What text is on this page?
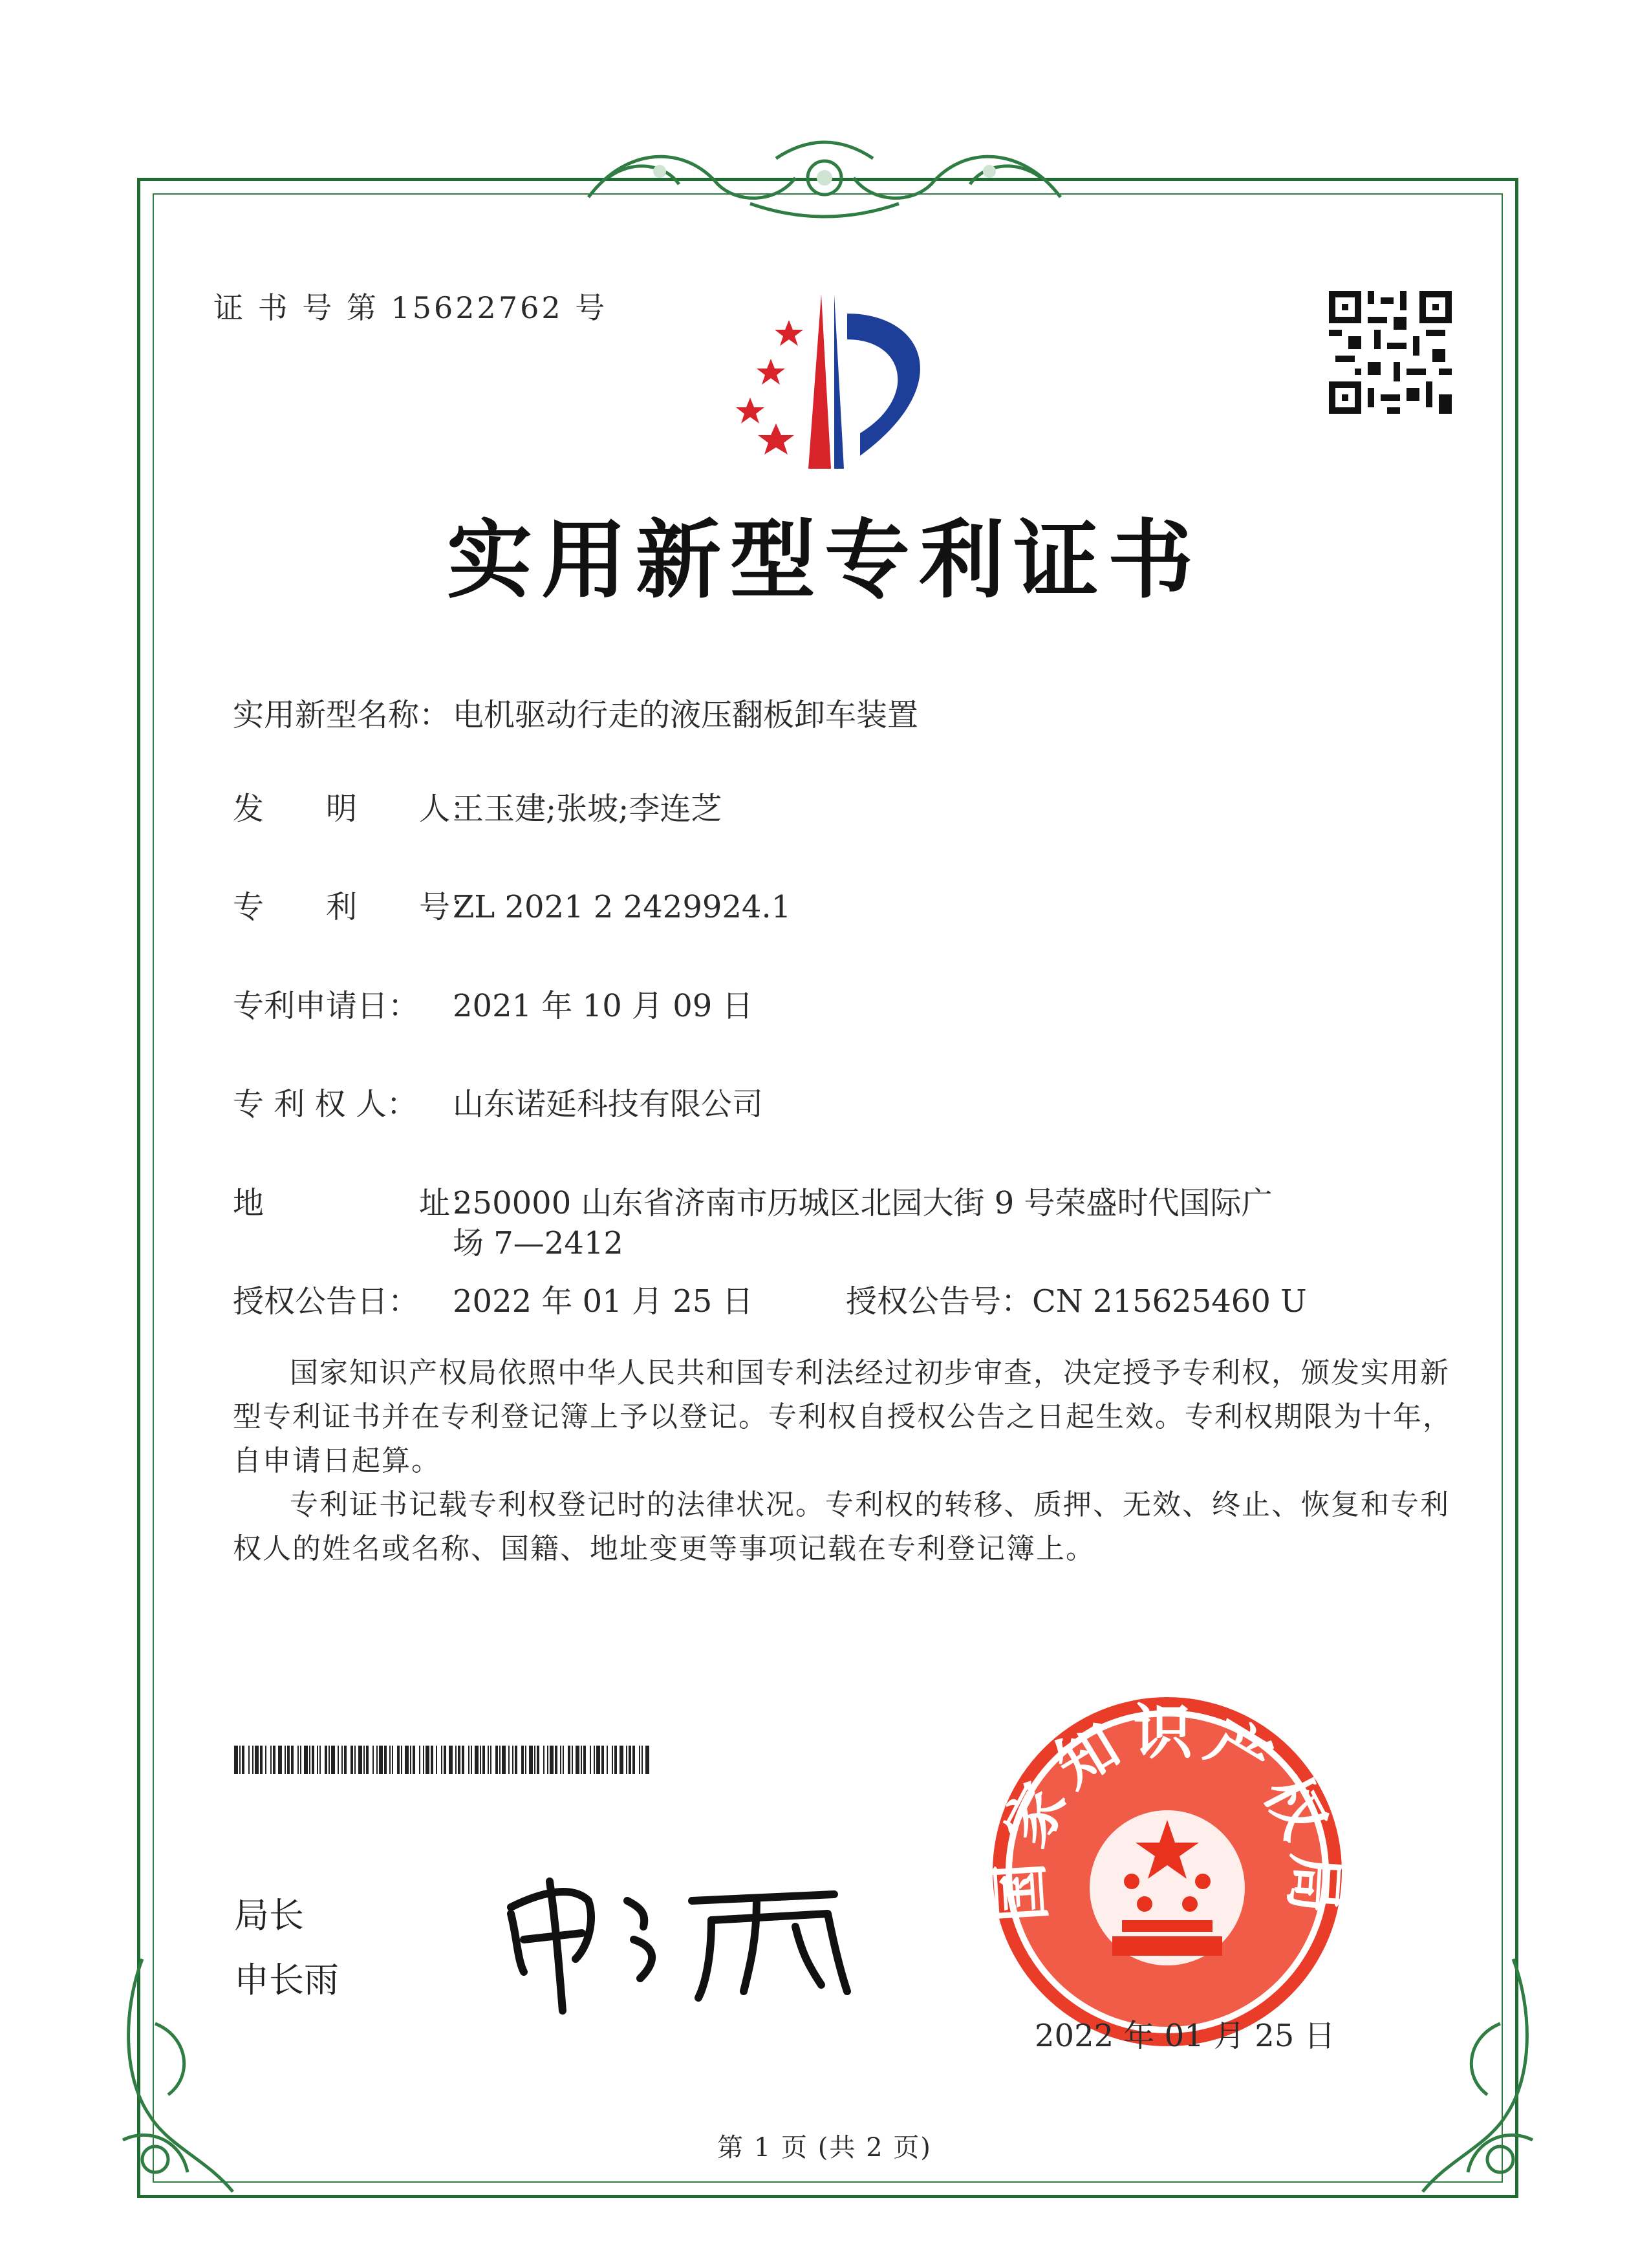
证 书 号 第 15622762 号
实用新型专利证书
实用新型名称：电机驱动行走的液压翻板卸车装置
发　　明　　人：王玉建;张坡;李连芝
专　　利　　号：ZL 2021 2 2429924.1
专利申请日： 2021 年 10 月 09 日
专 利 权 人： 山东诺延科技有限公司
地　　　　　址：250000 山东省济南市历城区北园大街 9 号荣盛时代国际广
场 7—2412
授权公告日： 2022 年 01 月 25 日	授权公告号：CN 215625460 U

国家知识产权局依照中华人民共和国专利法经过初步审查，决定授予专利权，颁发实用新型专利证书并在专利登记簿上予以登记。专利权自授权公告之日起生效。专利权期限为十年，自申请日起算。

专利证书记载专利权登记时的法律状况。专利权的转移、质押、无效、终止、恢复和专利权人的姓名或名称、国籍、地址变更等事项记载在专利登记簿上。

局长
申长雨
国家知识产权局
2022 年 01 月 25 日
第 1 页 (共 2 页)
